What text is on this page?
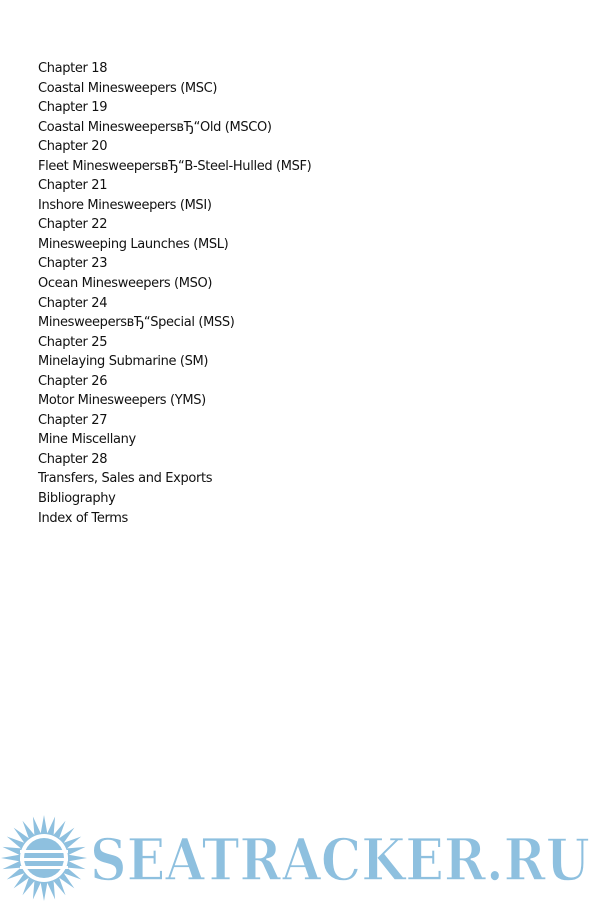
Chapter 18
Coastal Minesweepers (MSC)
Chapter 19
Coastal MinesweepersвЂ“Old (MSCO)
Chapter 20
Fleet MinesweepersвЂ“B-Steel-Hulled (MSF)
Chapter 21
Inshore Minesweepers (MSI)
Chapter 22
Minesweeping Launches (MSL)
Chapter 23
Ocean Minesweepers (MSO)
Chapter 24
MinesweepersвЂ“Special (MSS)
Chapter 25
Minelaying Submarine (SM)
Chapter 26
Motor Minesweepers (YMS)
Chapter 27
Mine Miscellany
Chapter 28
Transfers, Sales and Exports
Bibliography
Index of Terms
SEATRACKER.RU
